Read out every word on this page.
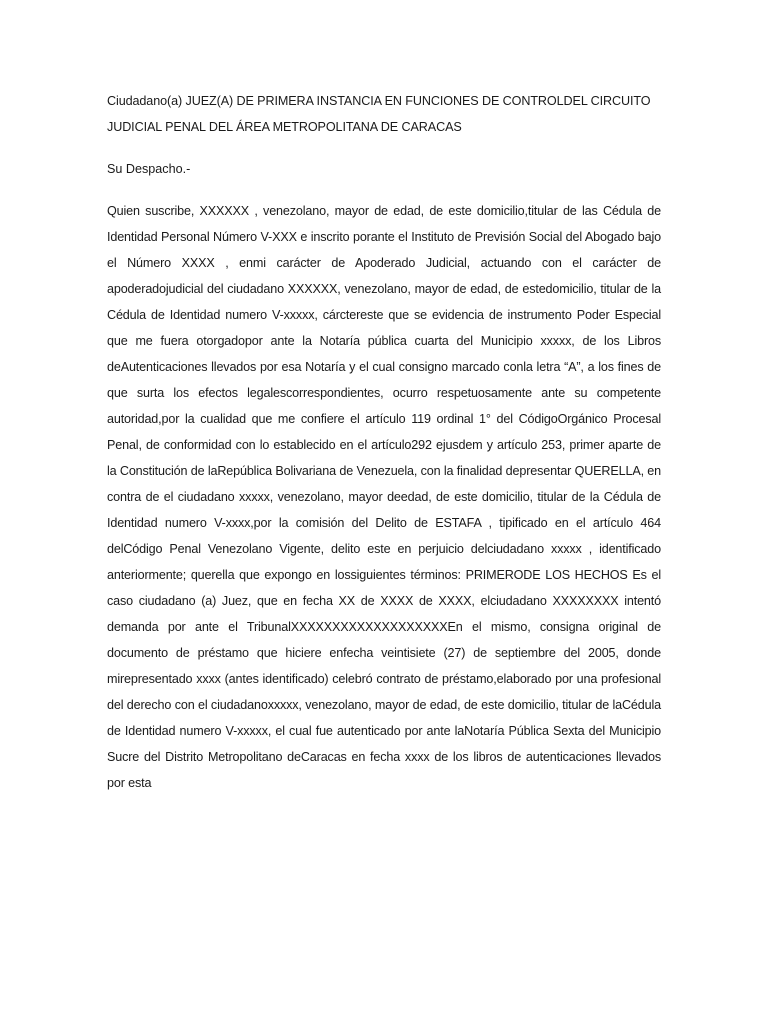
Ciudadano(a) JUEZ(A) DE PRIMERA INSTANCIA EN FUNCIONES DE CONTROLDEL CIRCUITO JUDICIAL PENAL DEL ÁREA METROPOLITANA DE CARACAS

Su Despacho.-

Quien suscribe, XXXXXX , venezolano, mayor de edad, de este domicilio,titular de las Cédula de Identidad Personal Número V-XXX e inscrito porante el Instituto de Previsión Social del Abogado bajo el Número XXXX , enmi carácter de Apoderado Judicial, actuando con el carácter de apoderadojudicial del ciudadano XXXXXX, venezolano, mayor de edad, de estedomicilio, titular de la Cédula de Identidad numero V-xxxxx, cárctereste que se evidencia de instrumento Poder Especial que me fuera otorgadopor ante la Notaría pública cuarta del Municipio xxxxx, de los Libros deAutenticaciones llevados por esa Notaría y el cual consigno marcado conla letra “A”, a los fines de que surta los efectos legalescorrespondientes, ocurro respetuosamente ante su competente autoridad,por la cualidad que me confiere el artículo 119 ordinal 1° del CódigoOrgánico Procesal Penal, de conformidad con lo establecido en el artículo292 ejusdem y artículo 253, primer aparte de la Constitución de laRepública Bolivariana de Venezuela, con la finalidad depresentar QUERELLA, en contra de el ciudadano xxxxx, venezolano, mayor deedad, de este domicilio, titular de la Cédula de Identidad numero V-xxxx,por la comisión del Delito de ESTAFA , tipificado en el artículo 464 delCódigo Penal Venezolano Vigente, delito este en perjuicio delciudadano xxxxx , identificado anteriormente; querella que expongo en lossiguientes términos: PRIMERODE LOS HECHOS Es el caso ciudadano (a) Juez, que en fecha XX de XXXX de XXXX, elciudadano XXXXXXXX intentó demanda por ante el TribunalXXXXXXXXXXXXXXXXXXXEn el mismo, consigna original de documento de préstamo que hiciere enfecha veintisiete (27) de septiembre del 2005, donde mirepresentado xxxx (antes identificado) celebró contrato de préstamo,elaborado por una profesional del derecho con el ciudadanoxxxxx, venezolano, mayor de edad, de este domicilio, titular de laCédula de Identidad numero V-xxxxx, el cual fue autenticado por ante laNotaría Pública Sexta del Municipio Sucre del Distrito Metropolitano deCaracas en fecha xxxx de los libros de autenticaciones llevados por esta
